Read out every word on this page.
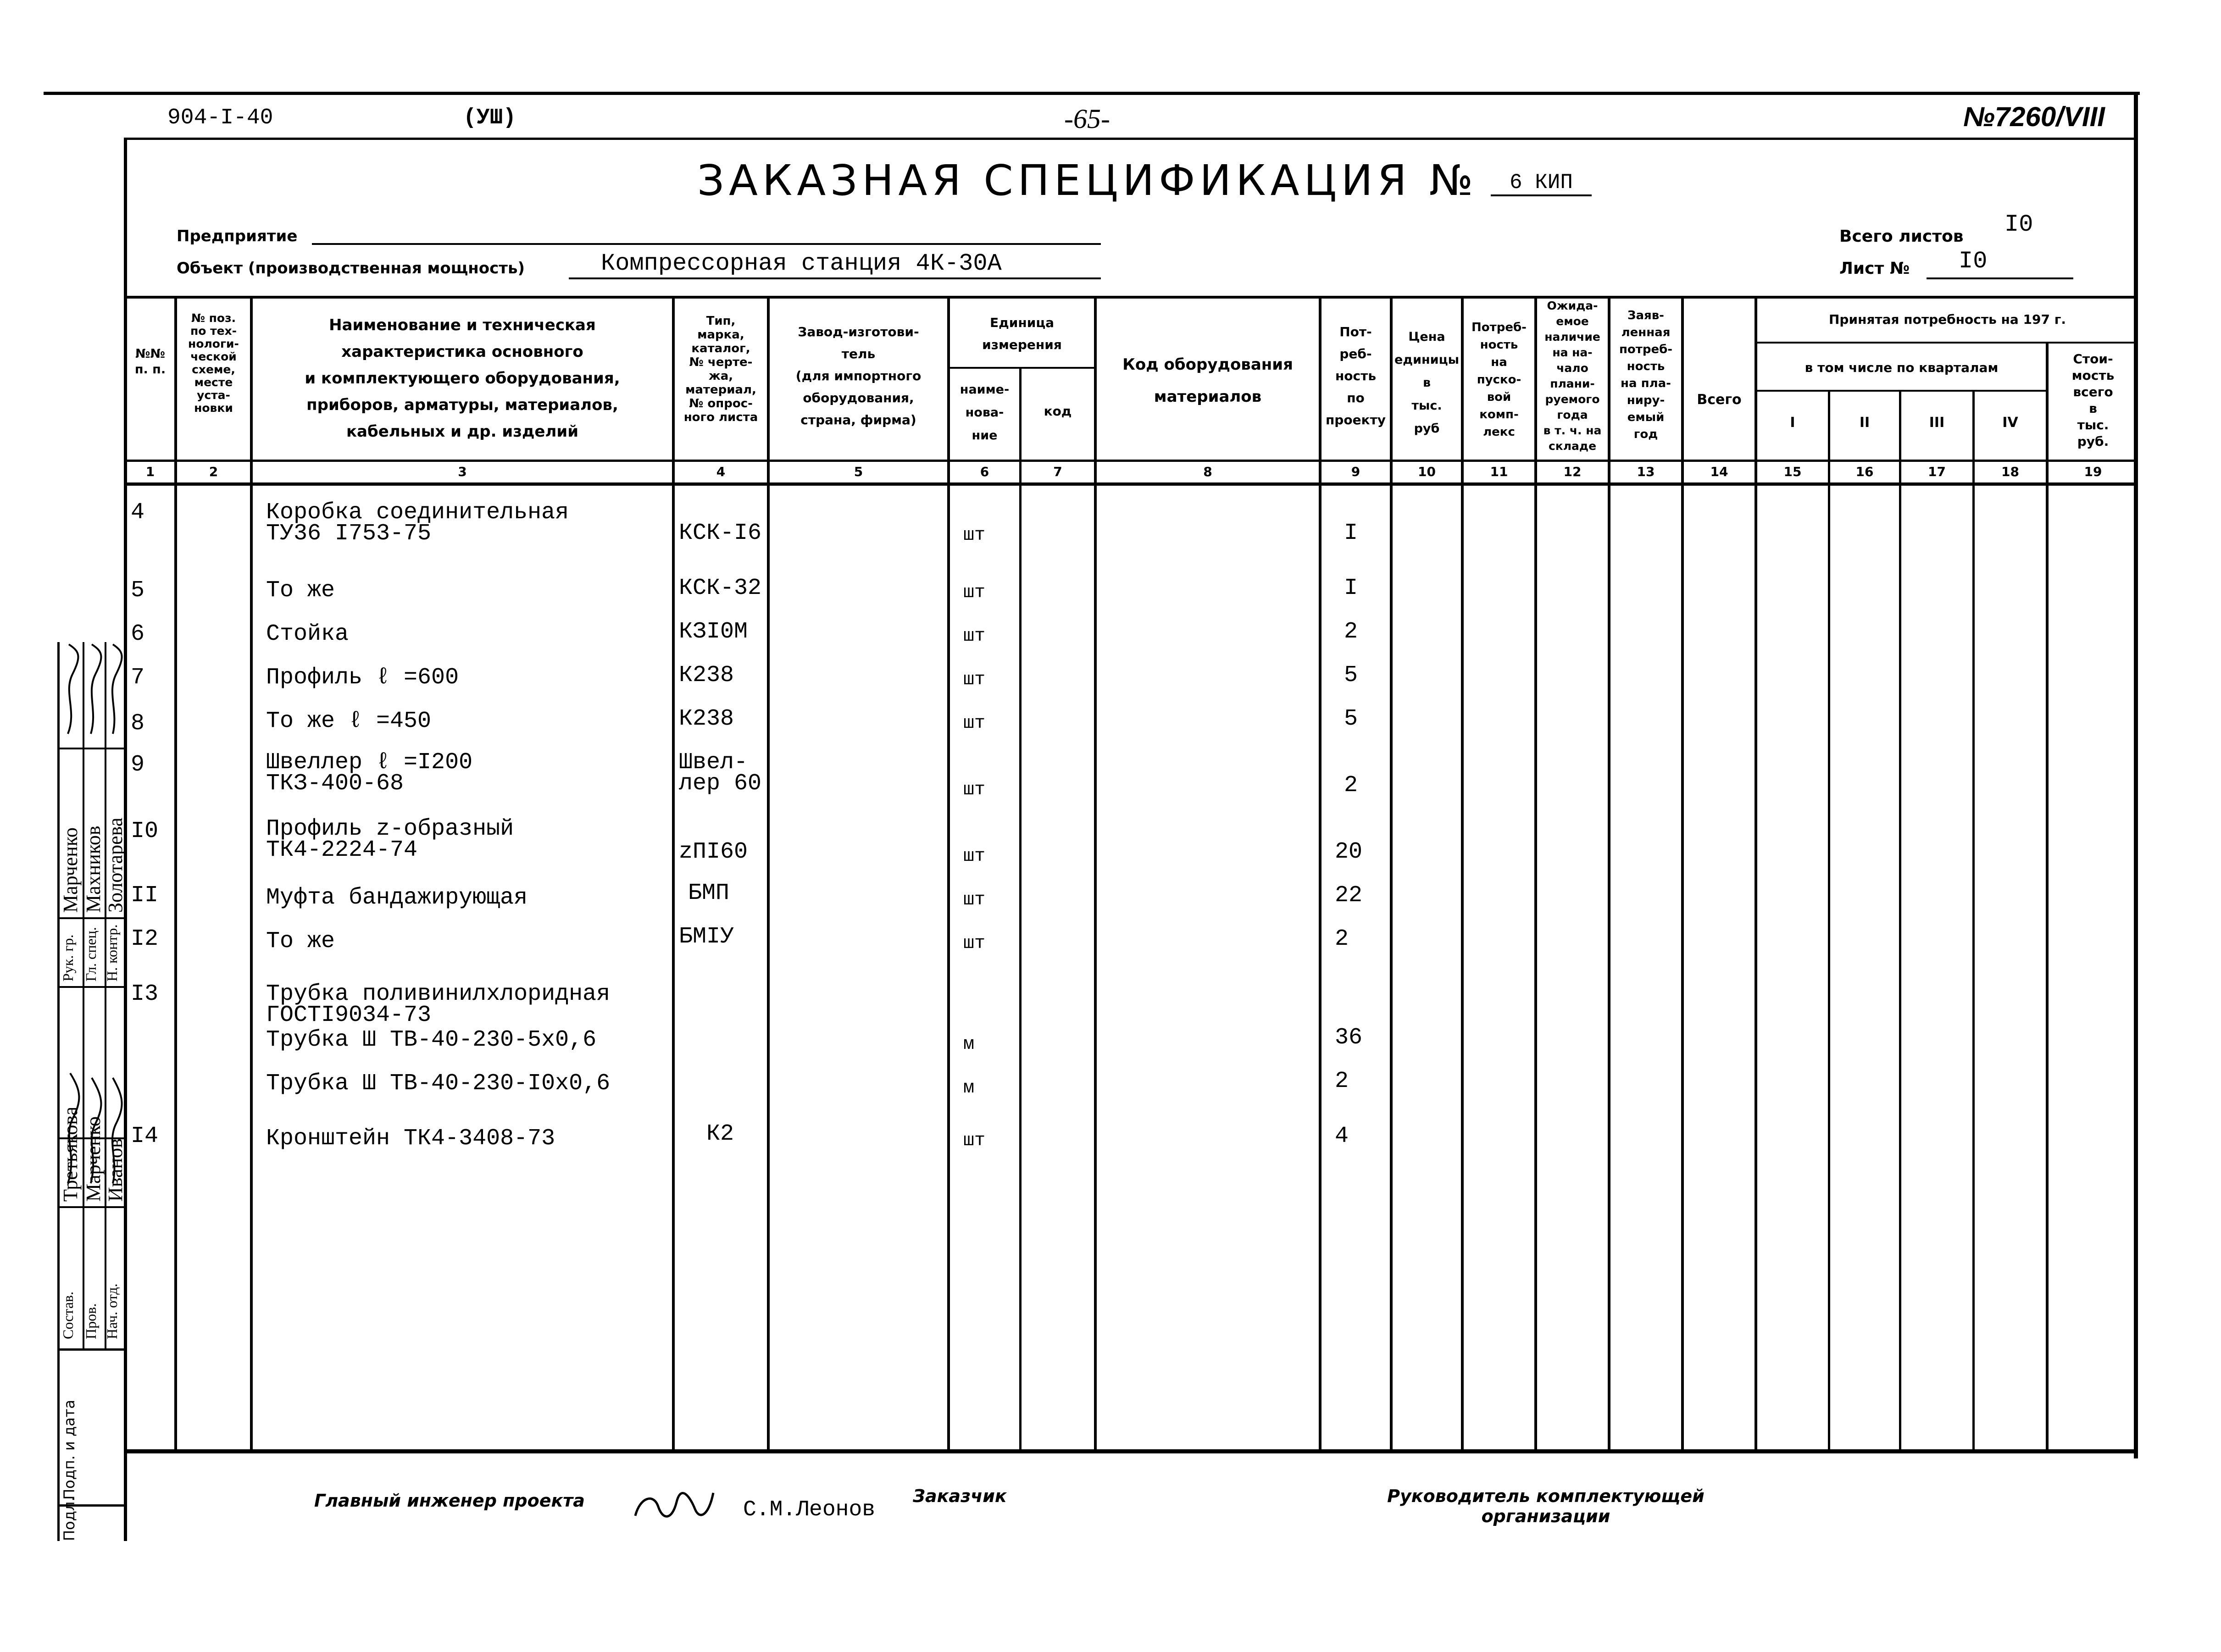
904-I-40	(УШ)	-65-	№7260/VIII
ЗАКАЗНАЯ СПЕЦИФИКАЦИЯ №	6 КИП
Предприятие
Объект (производственная мощность)	Компрессорная станция 4К-30А
Всего листов I0
Лист № I0
№№
п. п.
№ поз.
по тех-
нологи-
ческой
схеме,
месте
уста-
новки
Наименование и техническая
характеристика основного
и комплектующего оборудования,
приборов, арматуры, материалов,
кабельных и др. изделий
Тип,
марка,
каталог,
№ черте-
жа,
материал,
№ опрос-
ного листа
Завод-изготови-
тель
(для импортного
оборудования,
страна, фирма)
Единица
измерения
наиме-
нова-
ние
код
Код оборудования
материалов
Пот-
реб-
ность
по
проекту
Цена
единицы
в
тыс.
руб
Потреб-
ность
на
пуско-
вой
комп-
лекс
Ожида-
емое
наличие
на на-
чало
плани-
руемого
года
в т. ч. на
складе
Заяв-
ленная
потреб-
ность
на пла-
ниру-
емый
год
Всего
Принятая потребность на 197 г.
в том числе по кварталам
I	II	III	IV
Стои-
мость
всего
в
тыс.
руб.
1	2	3	4	5	6	7	8	9	10	11	12	13	14	15	16	17	18	19
4	Коробка соединительная
ТУ36 I753-75	КСК-I6	шт	I
5	То же	КСК-32	шт	I
6	Стойка	КЗI0М	шт	2
7	Профиль ℓ =600	К238	шт	5
8	То же ℓ =450	К238	шт	5
9	Швеллер ℓ =I200
ТКЗ-400-68
Швел-
лер 60	шт	2
I0	Профиль z-образный
ТК4-2224-74	zПI60	шт	20
II	Муфта бандажирующая	БМП	шт	22
I2	То же	БМIУ	шт	2
I3	Трубка поливинилхлоридная
ГОСТI9034-73
Трубка Ш ТВ-40-230-5х0,6	м	36
Трубка Ш ТВ-40-230-I0х0,6	м	2
I4	Кронштейн ТК4-3408-73	К2	шт	4
Главный инженер проекта	С.М.Леонов
Заказчик	Руководитель комплектующей
организации
Состав. Пров. Нач. отд.
Третьякова Марченко Иванов
Рук. гр. Гл. спец. Н. контр.
Марченко Махников Золотарева
Подп. и дата
Подл.
